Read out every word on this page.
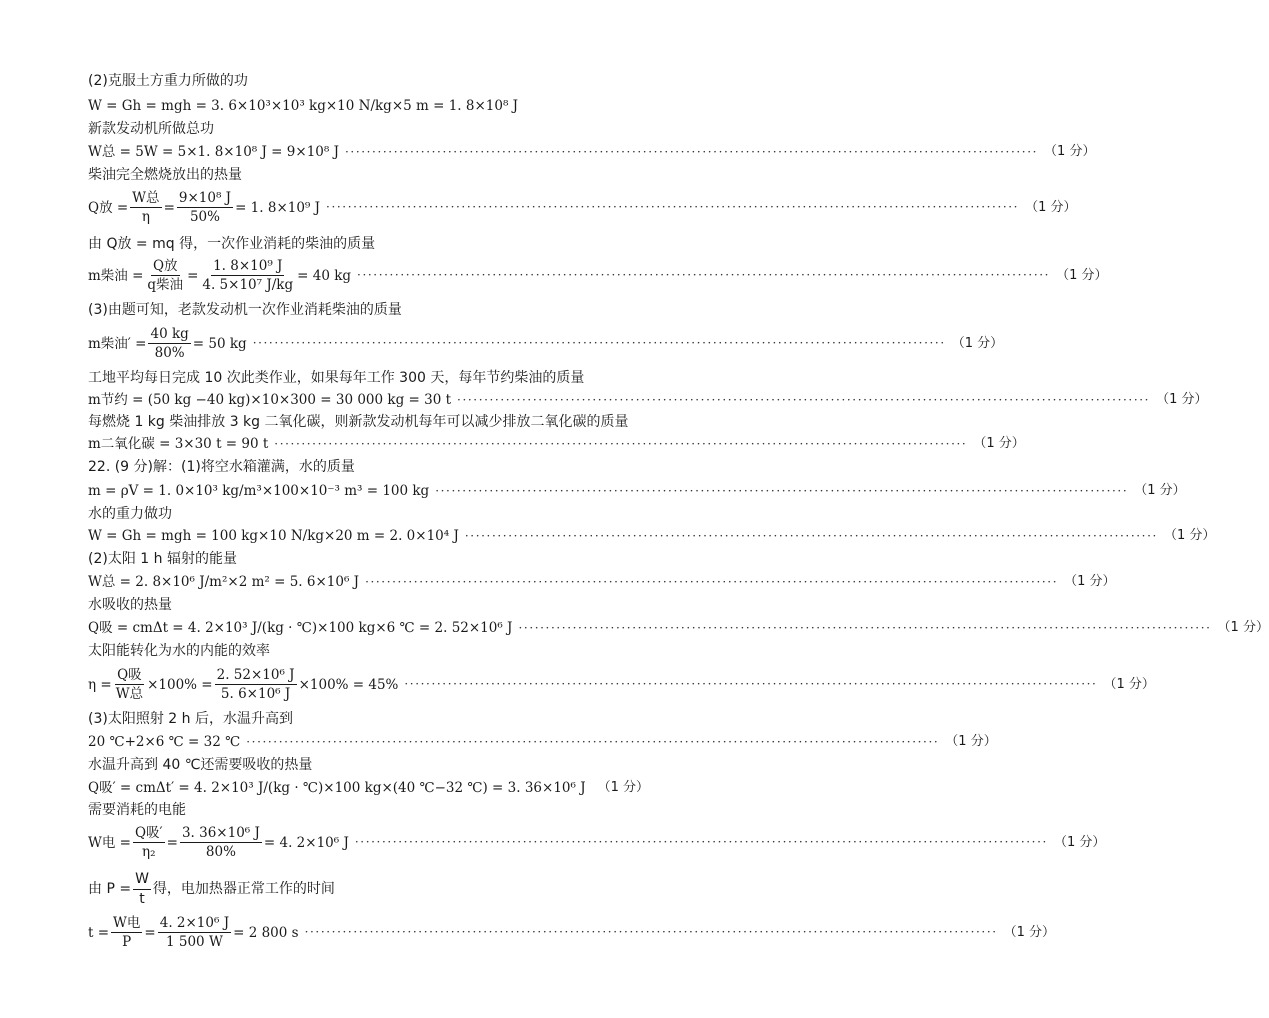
(2)克服土方重力所做的功
W = Gh = mgh = 3. 6×10³×10³ kg×10 N/kg×5 m = 1. 8×10⁸ J
新款发动机所做总功
W总 = 5W = 5×1. 8×10⁸ J = 9×10⁸ J ································································································································ （1 分）
柴油完全燃烧放出的热量
Q放 = $\frac{\text{W总}}{\eta} = \frac{\text{9×10⁸ J}}{50\%} = 1$. 8×10⁹ J ································································································································ （1 分）
由 Q放 = mq 得，一次作业消耗的柴油的质量
m柴油 = $\frac{\text{Q放}}{\text{q柴油}} = \frac{\text{1. 8×10⁹ J}}{\text{4. 5×10⁷ J/kg}} = 40$ kg ································································································································ （1 分）
(3)由题可知，老款发动机一次作业消耗柴油的质量
m柴油′ = $\frac{40 kg}{80\%} = 50$ kg ································································································································ （1 分）
工地平均每日完成 10 次此类作业，如果每年工作 300 天，每年节约柴油的质量
m节约 = (50 kg −40 kg)×10×300 = 30 000 kg = 30 t ································································································································ （1 分）
每燃烧 1 kg 柴油排放 3 kg 二氧化碳，则新款发动机每年可以减少排放二氧化碳的质量
m二氧化碳 = 3×30 t = 90 t ································································································································ （1 分）
22. (9 分)解：(1)将空水箱灌满，水的质量
m = ρV = 1. 0×10³ kg/m³×100×10⁻³ m³ = 100 kg ································································································································ （1 分）
水的重力做功
W = Gh = mgh = 100 kg×10 N/kg×20 m = 2. 0×10⁴ J ································································································································ （1 分）
(2)太阳 1 h 辐射的能量
W总 = 2. 8×10⁶ J/m²×2 m² = 5. 6×10⁶ J ································································································································ （1 分）
水吸收的热量
Q吸 = cmΔt = 4. 2×10³ J/(kg · ℃)×100 kg×6 ℃ = 2. 52×10⁶ J ································································································································ （1 分）
太阳能转化为水的内能的效率
$\eta = \frac{\text{Q吸}}{\text{W总}} \times 100\% = \frac{\text{2. 52×10⁶ J}}{\text{5. 6×10⁶ J}} \times 100\% = 45\%$ ································································································································ （1 分）
(3)太阳照射 2 h 后，水温升高到
20 ℃+2×6 ℃ = 32 ℃ ································································································································ （1 分）
水温升高到 40 ℃还需要吸收的热量
Q吸′ = cmΔt′ = 4. 2×10³ J/(kg · ℃)×100 kg×(40 ℃−32 ℃) = 3. 36×10⁶ J （1 分）
需要消耗的电能
W电 = $\frac{\text{Q吸′}}{\text{η₂}} = \frac{\text{3. 36×10⁶ J}}{80\%} = 4$. 2×10⁶ J ································································································································ （1 分）
由 $P = \frac{W}{t}$ 得，电加热器正常工作的时间
$t = \frac{\text{W电}}{P} = \frac{\text{4. 2×10⁶ J}}{1 500 W} = 2$ 800 s ································································································································ （1 分）
